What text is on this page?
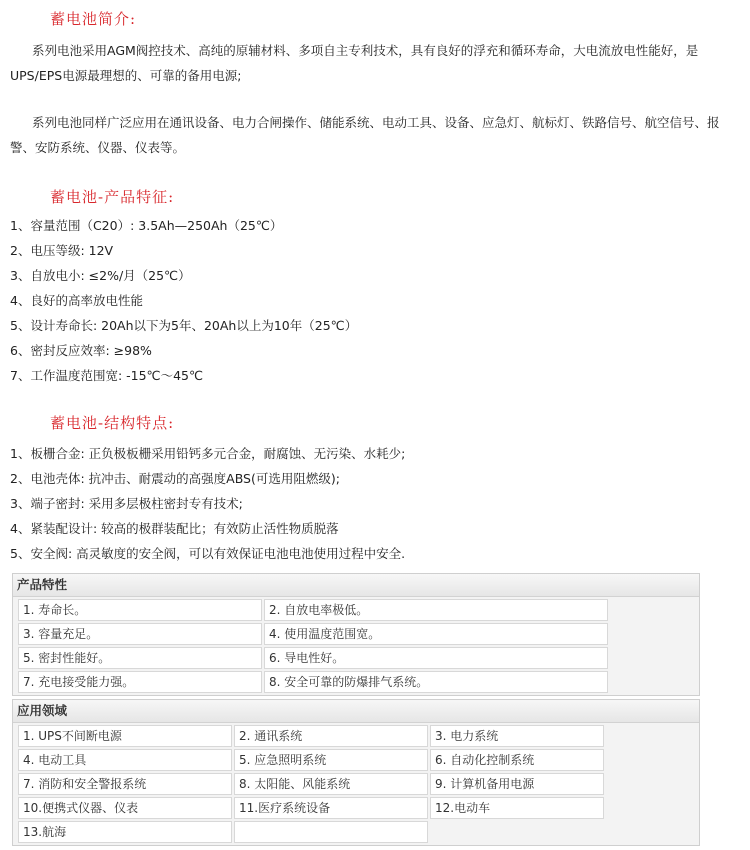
蓄电池简介:
系列电池采用AGM阀控技术、高纯的原辅材料、多项自主专利技术，具有良好的浮充和循环寿命，大电流放电性能好，是UPS/EPS电源最理想的、可靠的备用电源;
系列电池同样广泛应用在通讯设备、电力合闸操作、储能系统、电动工具、设备、应急灯、航标灯、铁路信号、航空信号、报警、安防系统、仪器、仪表等。
蓄电池-产品特征:
1、容量范围（C20）: 3.5Ah—250Ah（25℃）
2、电压等级: 12V
3、自放电小: ≤2%/月（25℃）
4、良好的高率放电性能
5、设计寿命长: 20Ah以下为5年、20Ah以上为10年（25℃）
6、密封反应效率: ≥98%
7、工作温度范围宽: -15℃～45℃
蓄电池-结构特点:
1、板栅合金: 正负极板栅采用铅钙多元合金，耐腐蚀、无污染、水耗少;
2、电池壳体: 抗冲击、耐震动的高强度ABS(可选用阻燃级);
3、端子密封: 采用多层极柱密封专有技术;
4、紧装配设计: 较高的极群装配比；有效防止活性物质脱落
5、安全阀: 高灵敏度的安全阀，可以有效保证电池电池使用过程中安全.
产品特性
1. 寿命长。	2. 自放电率极低。
3. 容量充足。	4. 使用温度范围宽。
5. 密封性能好。	6. 导电性好。
7. 充电接受能力强。	8. 安全可靠的防爆排气系统。
应用领域
1. UPS不间断电源	2. 通讯系统	3. 电力系统
4. 电动工具	5. 应急照明系统	6. 自动化控制系统
7. 消防和安全警报系统	8. 太阳能、风能系统	9. 计算机备用电源
10.便携式仪器、仪表	11.医疗系统设备	12.电动车
13.航海
